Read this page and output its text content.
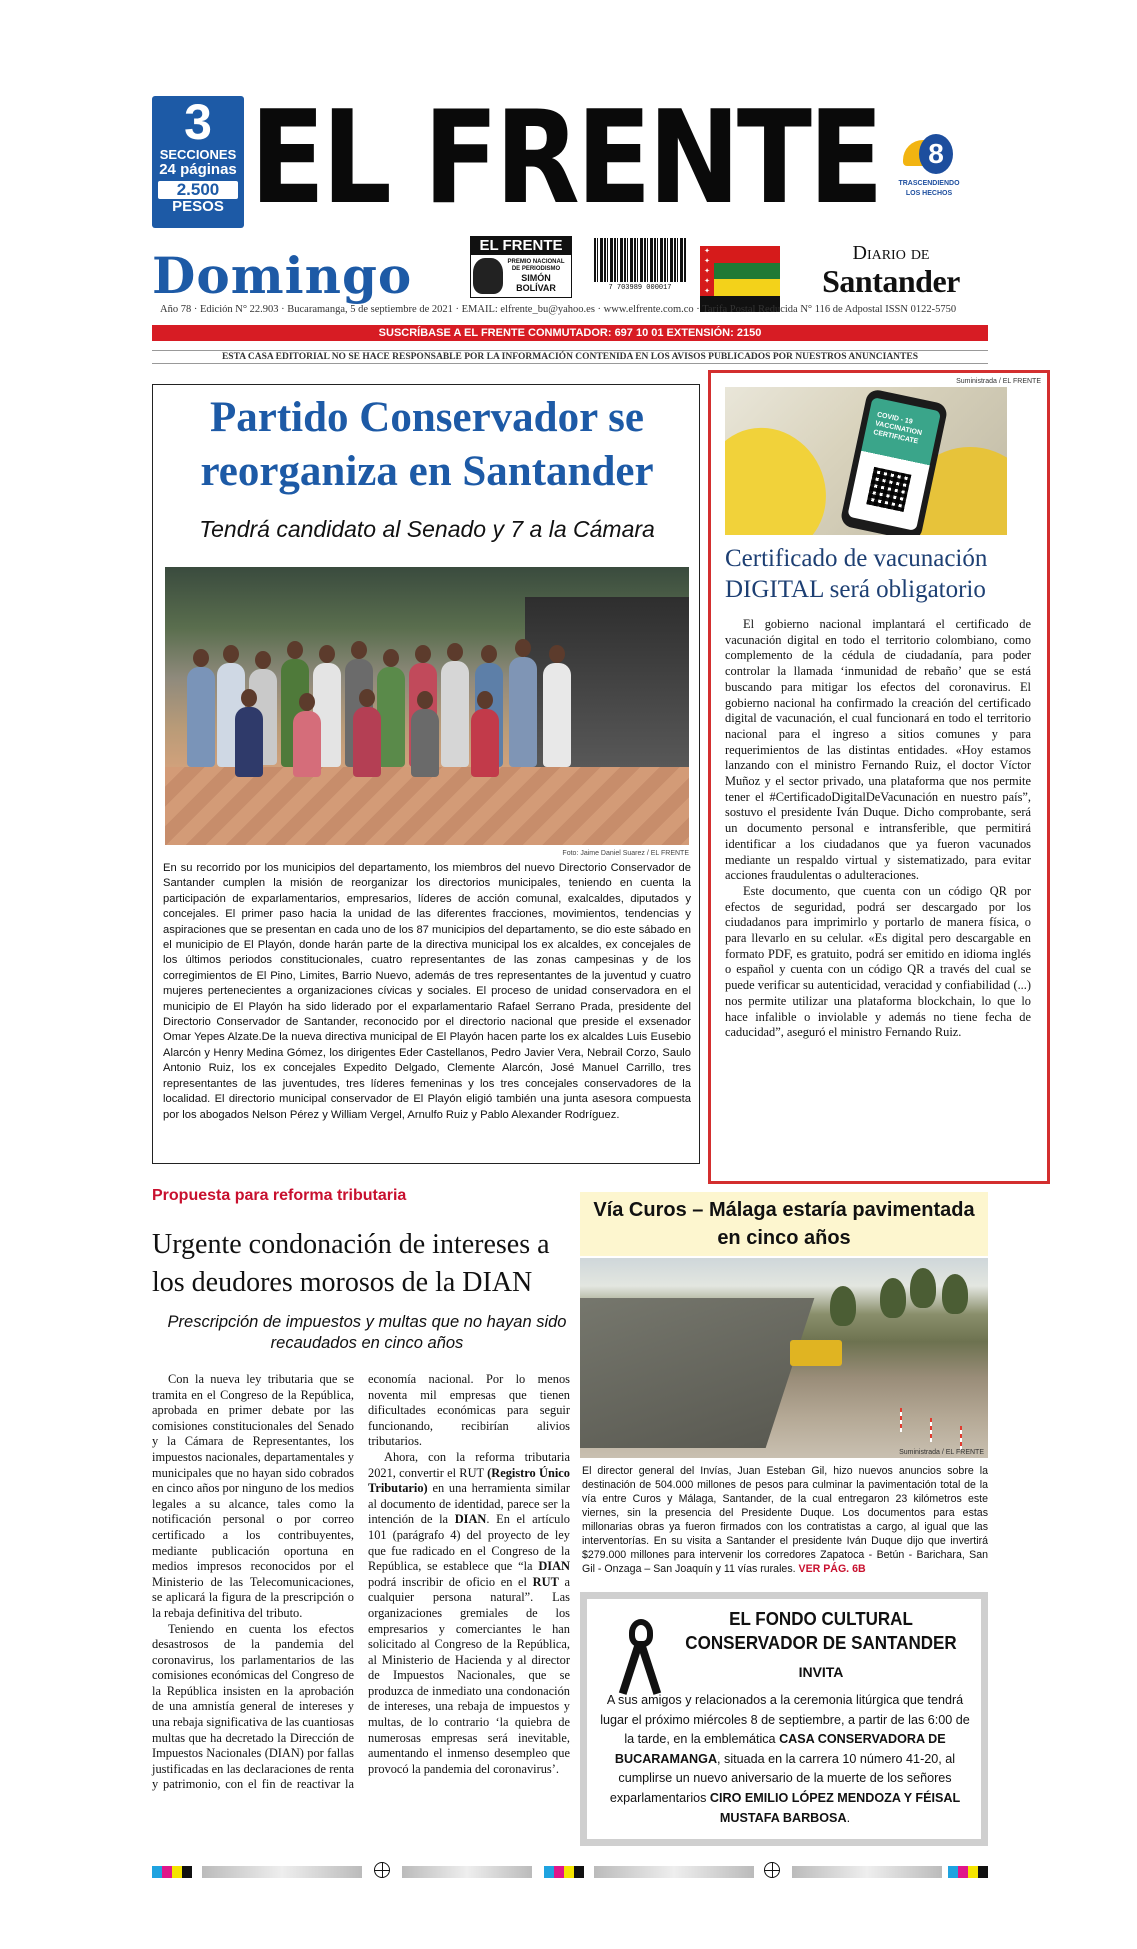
3
SECCIONES
24 páginas
2.500
PESOS EL FRENTE	8
TRASCENDIENDO
LOS HECHOS
Domingo
EL FRENTE
PREMIO NACIONAL
DE PERIODISMO
SIMÓN
BOLÍVAR	7 703989 000017
✦
✦
✦
✦
✦
Diario de
Santander
Año 78 · Edición N° 22.903 · Bucaramanga, 5 de septiembre de 2021 · EMAIL: elfrente_bu@yahoo.es · www.elfrente.com.co · Tarifa Postal Reducida N° 116 de Adpostal ISSN 0122-5750
SUSCRÍBASE A EL FRENTE CONMUTADOR: 697 10 01 EXTENSIÓN: 2150
ESTA CASA EDITORIAL NO SE HACE RESPONSABLE POR LA INFORMACIÓN CONTENIDA EN LOS AVISOS PUBLICADOS POR NUESTROS ANUNCIANTES
Partido Conservador se reorganiza en Santander
Tendrá candidato al Senado y 7 a la Cámara
Foto: Jaime Daniel Suarez / EL FRENTE
En su recorrido por los municipios del departamento, los miembros del nuevo Directorio Conservador de Santander cumplen la misión de reorganizar los directorios municipales, teniendo en cuenta la participación de exparlamentarios, empresarios, líderes de acción comunal, exalcaldes, diputados y concejales. El primer paso hacia la unidad de las diferentes fracciones, movimientos, tendencias y aspiraciones que se presentan en cada uno de los 87 municipios del departamento, se dio este sábado en el municipio de El Playón, donde harán parte de la directiva municipal los ex alcaldes, ex concejales de los últimos periodos constitucionales, cuatro representantes de las zonas campesinas y de los corregimientos de El Pino, Limites, Barrio Nuevo, además de tres representantes de la juventud y cuatro mujeres pertenecientes a organizaciones cívicas y sociales. El proceso de unidad conservadora en el municipio de El Playón ha sido liderado por el exparlamentario Rafael Serrano Prada, presidente del Directorio Conservador de Santander, reconocido por el directorio nacional que preside el exsenador Omar Yepes Alzate.De la nueva directiva municipal de El Playón hacen parte los ex alcaldes Luis Eusebio Alarcón y Henry Medina Gómez, los dirigentes Eder Castellanos, Pedro Javier Vera, Nebrail Corzo, Saulo Antonio Ruiz, los ex concejales Expedito Delgado, Clemente Alarcón, José Manuel Carrillo, tres representantes de las juventudes, tres líderes femeninas y los tres concejales conservadores de la localidad. El directorio municipal conservador de El Playón eligió también una junta asesora compuesta por los abogados Nelson Pérez y William Vergel, Arnulfo Ruiz y Pablo Alexander Rodríguez.
Suministrada / EL FRENTE
COVID - 19 VACCINATION CERTIFICATE
Certificado de vacunación DIGITAL será obligatorio

El gobierno nacional implantará el certificado de vacunación digital en todo el territorio colombiano, como complemento de la cédula de ciudadanía, para poder controlar la llamada ‘inmunidad de rebaño’ que se está buscando para mitigar los efectos del coronavirus. El gobierno nacional ha confirmado la creación del certificado digital de vacunación, el cual funcionará en todo el territorio nacional para el ingreso a sitios comunes y para requerimientos de las distintas entidades. «Hoy estamos lanzando con el ministro Fernando Ruiz, el doctor Víctor Muñoz y el sector privado, una plataforma que nos permite tener el #CertificadoDigitalDeVacunación en nuestro país”, sostuvo el presidente Iván Duque. Dicho comprobante, será un documento personal e intransferible, que permitirá identificar a los ciudadanos que ya fueron vacunados mediante un respaldo virtual y sistematizado, para evitar acciones fraudulentas o adulteraciones.

Este documento, que cuenta con un código QR por efectos de seguridad, podrá ser descargado por los ciudadanos para imprimirlo y portarlo de manera física, o para llevarlo en su celular. «Es digital pero descargable en formato PDF, es gratuito, podrá ser emitido en idioma inglés o español y cuenta con un código QR a través del cual se puede verificar su autenticidad, veracidad y confiabilidad (...) nos permite utilizar una plataforma blockchain, lo que lo hace infalible o inviolable y además no tiene fecha de caducidad”, aseguró el ministro Fernando Ruiz.

Propuesta para reforma tributaria
Urgente condonación de intereses a los deudores morosos de la DIAN
Prescripción de impuestos y multas que no hayan sido recaudados en cinco años

Con la nueva ley tributaria que se tramita en el Congreso de la República, aprobada en primer debate por las comisiones constitucionales del Senado y la Cámara de Representantes, los impuestos nacionales, departamentales y municipales que no hayan sido cobrados en cinco años por ninguno de los medios legales a su alcance, tales como la notificación personal o por correo certificado a los contribuyentes, mediante publicación oportuna en medios impresos reconocidos por el Ministerio de las Telecomunicaciones, se aplicará la figura de la prescripción o la rebaja definitiva del tributo.

Teniendo en cuenta los efectos desastrosos de la pandemia del coronavirus, los parlamentarios de las comisiones económicas del Congreso de la República insisten en la aprobación de una amnistía general de intereses y una rebaja significativa de las cuantiosas multas que ha decretado la Dirección de Impuestos Nacionales (DIAN) por fallas justificadas en las declaraciones de renta y patrimonio, con el fin de reactivar la economía nacional. Por lo menos noventa mil empresas que tienen dificultades económicas para seguir funcionando, recibirían alivios tributarios.

Ahora, con la reforma tributaria 2021, convertir el RUT (Registro Único Tributario) en una herramienta similar al documento de identidad, parece ser la intención de la DIAN. En el artículo 101 (parágrafo 4) del proyecto de ley que fue radicado en el Congreso de la República, se establece que “la DIAN podrá inscribir de oficio en el RUT a cualquier persona natural”. Las organizaciones gremiales de los empresarios y comerciantes le han solicitado al Congreso de la República, al Ministerio de Hacienda y al director de Impuestos Nacionales, que se produzca de inmediato una condonación de intereses, una rebaja de impuestos y multas, de lo contrario ‘la quiebra de numerosas empresas será inevitable, aumentando el inmenso desempleo que provocó la pandemia del coronavirus’.

Vía Curos – Málaga estaría pavimentada en cinco años
Suministrada / EL FRENTE
El director general del Invías, Juan Esteban Gil, hizo nuevos anuncios sobre la destinación de 504.000 millones de pesos para culminar la pavimentación total de la vía entre Curos y Málaga, Santander, de la cual entregaron 23 kilómetros este viernes, sin la presencia del Presidente Duque. Los documentos para estas millonarias obras ya fueron firmados con los contratistas a cargo, al igual que las interventorías. En su visita a Santander el presidente Iván Duque dijo que invertirá $279.000 millones para intervenir los corredores Zapatoca - Betún - Barichara, San Gil - Onzaga – San Joaquín y 11 vías rurales. VER PÁG. 6B
EL FONDO CULTURAL CONSERVADOR DE SANTANDER
INVITA
A sus amigos y relacionados a la ceremonia litúrgica que tendrá lugar el próximo miércoles 8 de septiembre, a partir de las 6:00 de la tarde, en la emblemática CASA CONSERVADORA DE BUCARAMANGA, situada en la carrera 10 número 41-20, al cumplirse un nuevo aniversario de la muerte de los señores exparlamentarios CIRO EMILIO LÓPEZ MENDOZA Y FÉISAL MUSTAFA BARBOSA.
